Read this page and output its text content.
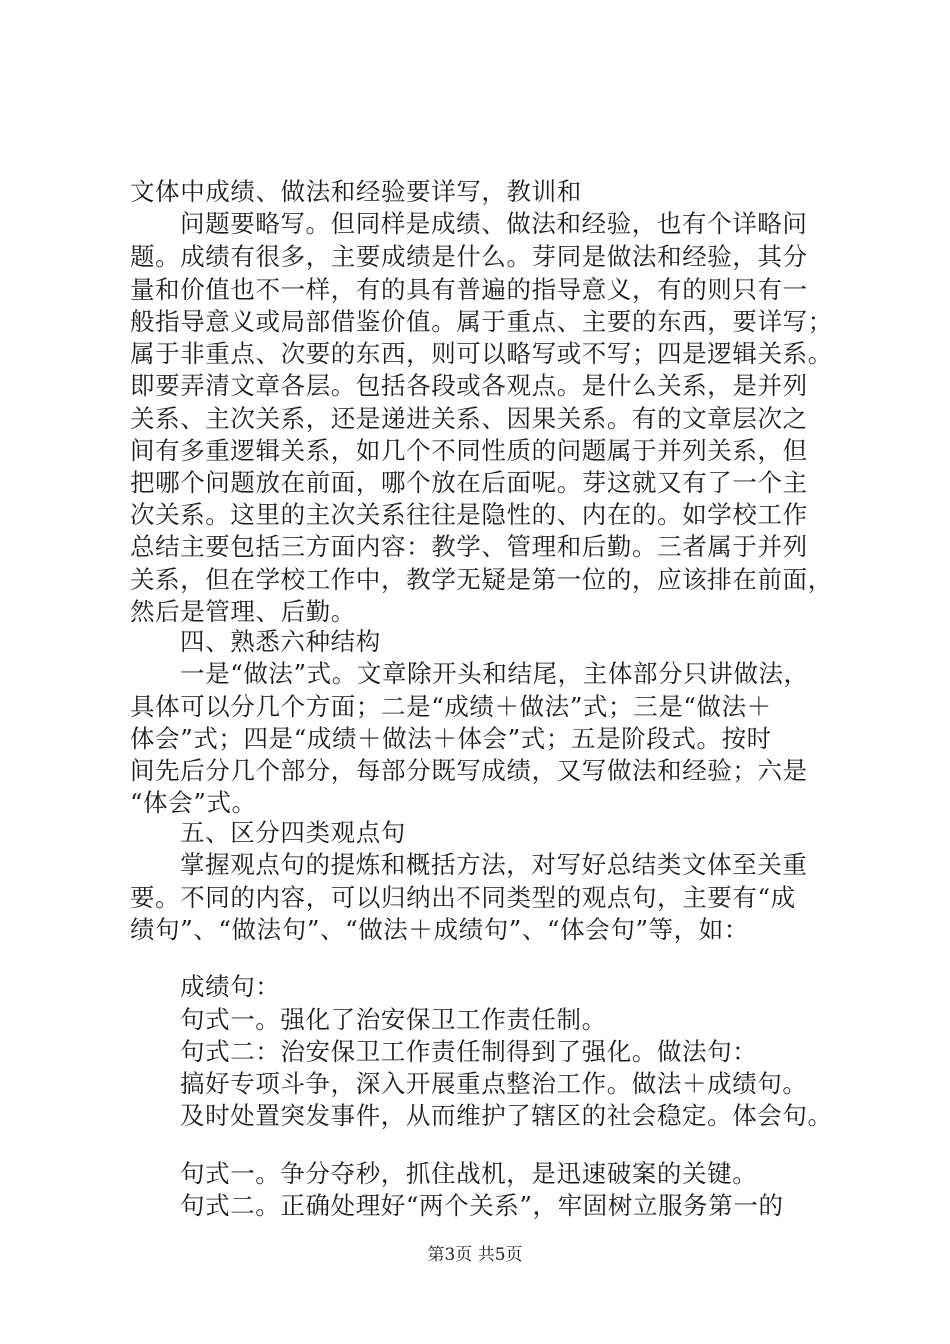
文体中成绩、做法和经验要详写，教训和
问题要略写。但同样是成绩、做法和经验，也有个详略问
题。成绩有很多，主要成绩是什么。芽同是做法和经验，其分
量和价值也不一样，有的具有普遍的指导意义，有的则只有一
般指导意义或局部借鉴价值。属于重点、主要的东西，要详写；
属于非重点、次要的东西，则可以略写或不写；四是逻辑关系。
即要弄清文章各层。包括各段或各观点。是什么关系，是并列
关系、主次关系，还是递进关系、因果关系。有的文章层次之
间有多重逻辑关系，如几个不同性质的问题属于并列关系，但
把哪个问题放在前面，哪个放在后面呢。芽这就又有了一个主
次关系。这里的主次关系往往是隐性的、内在的。如学校工作
总结主要包括三方面内容：教学、管理和后勤。三者属于并列
关系，但在学校工作中，教学无疑是第一位的，应该排在前面，
然后是管理、后勤。
四、熟悉六种结构
一是“做法”式。文章除开头和结尾，主体部分只讲做法，
具体可以分几个方面；二是“成绩＋做法”式；三是“做法＋
体会”式；四是“成绩＋做法＋体会”式；五是阶段式。按时
间先后分几个部分，每部分既写成绩，又写做法和经验；六是
“体会”式。
五、区分四类观点句
掌握观点句的提炼和概括方法，对写好总结类文体至关重
要。不同的内容，可以归纳出不同类型的观点句，主要有“成
绩句”、“做法句”、“做法＋成绩句”、“体会句”等，如：
成绩句：
句式一。强化了治安保卫工作责任制。
句式二：治安保卫工作责任制得到了强化。做法句：
搞好专项斗争，深入开展重点整治工作。做法＋成绩句。
及时处置突发事件，从而维护了辖区的社会稳定。体会句。
句式一。争分夺秒，抓住战机，是迅速破案的关键。
句式二。正确处理好“两个关系”，牢固树立服务第一的
第3页 共5页
